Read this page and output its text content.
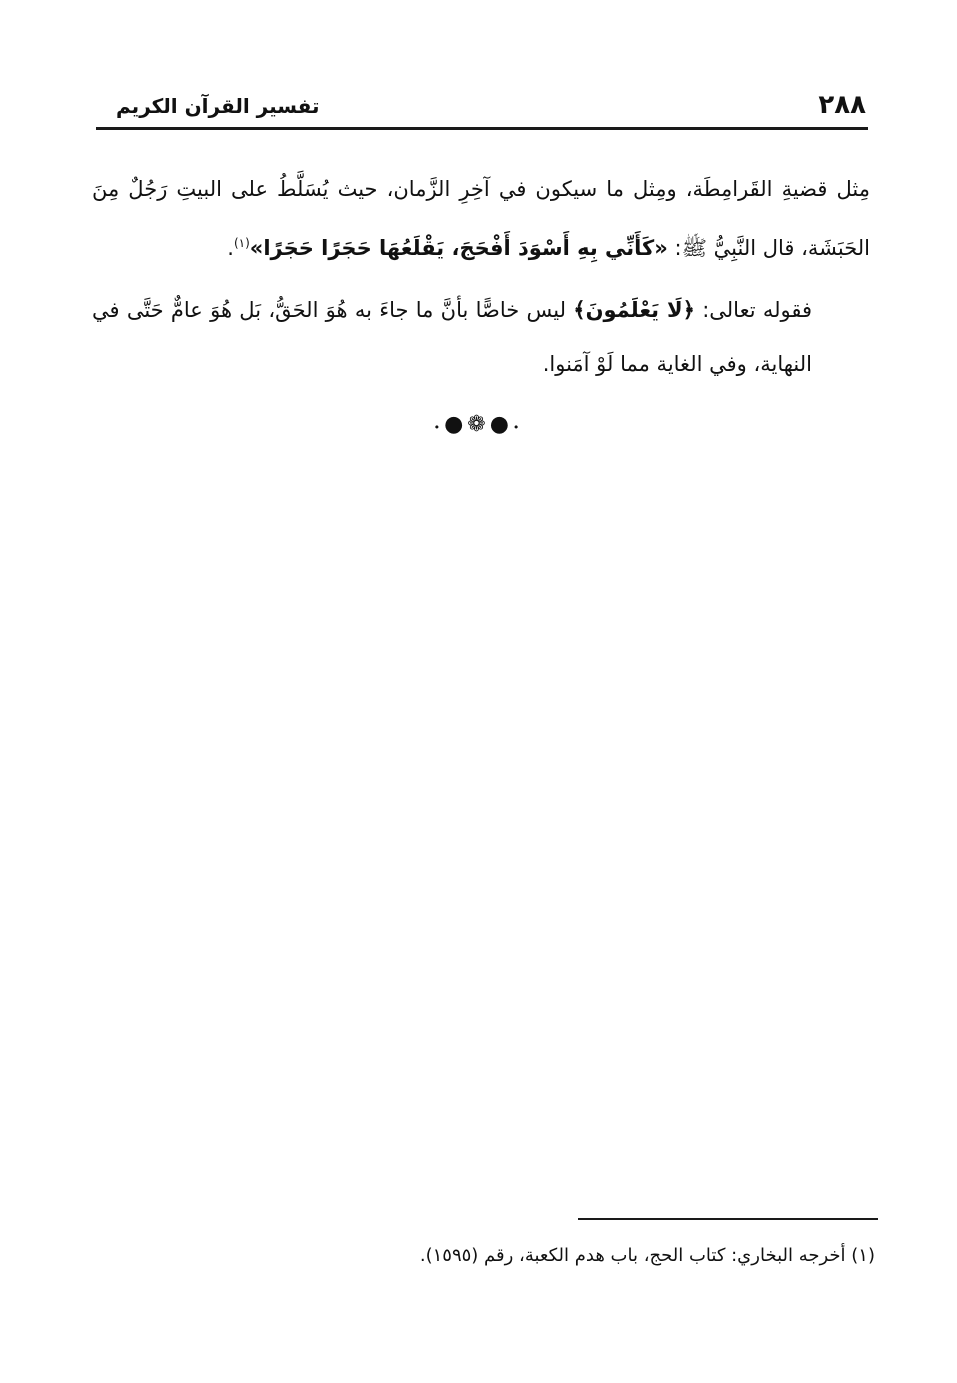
٢٨٨
تفسير القرآن الكريم

مِثل قضيةِ القَرامِطَة، ومِثل ما سيكون في آخِرِ الزَّمان، حيث يُسَلَّطُ على البيتِ رَجُلٌ مِنَ الحَبَشَة، قال النَّبِيُّ ﷺ: «كَأَنِّي بِهِ أَسْوَدَ أَفْحَجَ، يَقْلَعُهَا حَجَرًا حَجَرًا»$^{(١)}$.

فقوله تعالى: ﴿لَا يَعْلَمُونَ﴾ ليس خاصًّا بأنَّ ما جاءَ به هُوَ الحَقُّ، بَل هُوَ عامٌّ حَتَّى في النهاية، وفي الغاية مما لَوْ آمَنوا.

•●❁●•
(١) أخرجه البخاري: كتاب الحج، باب هدم الكعبة، رقم (١٥٩٥).
